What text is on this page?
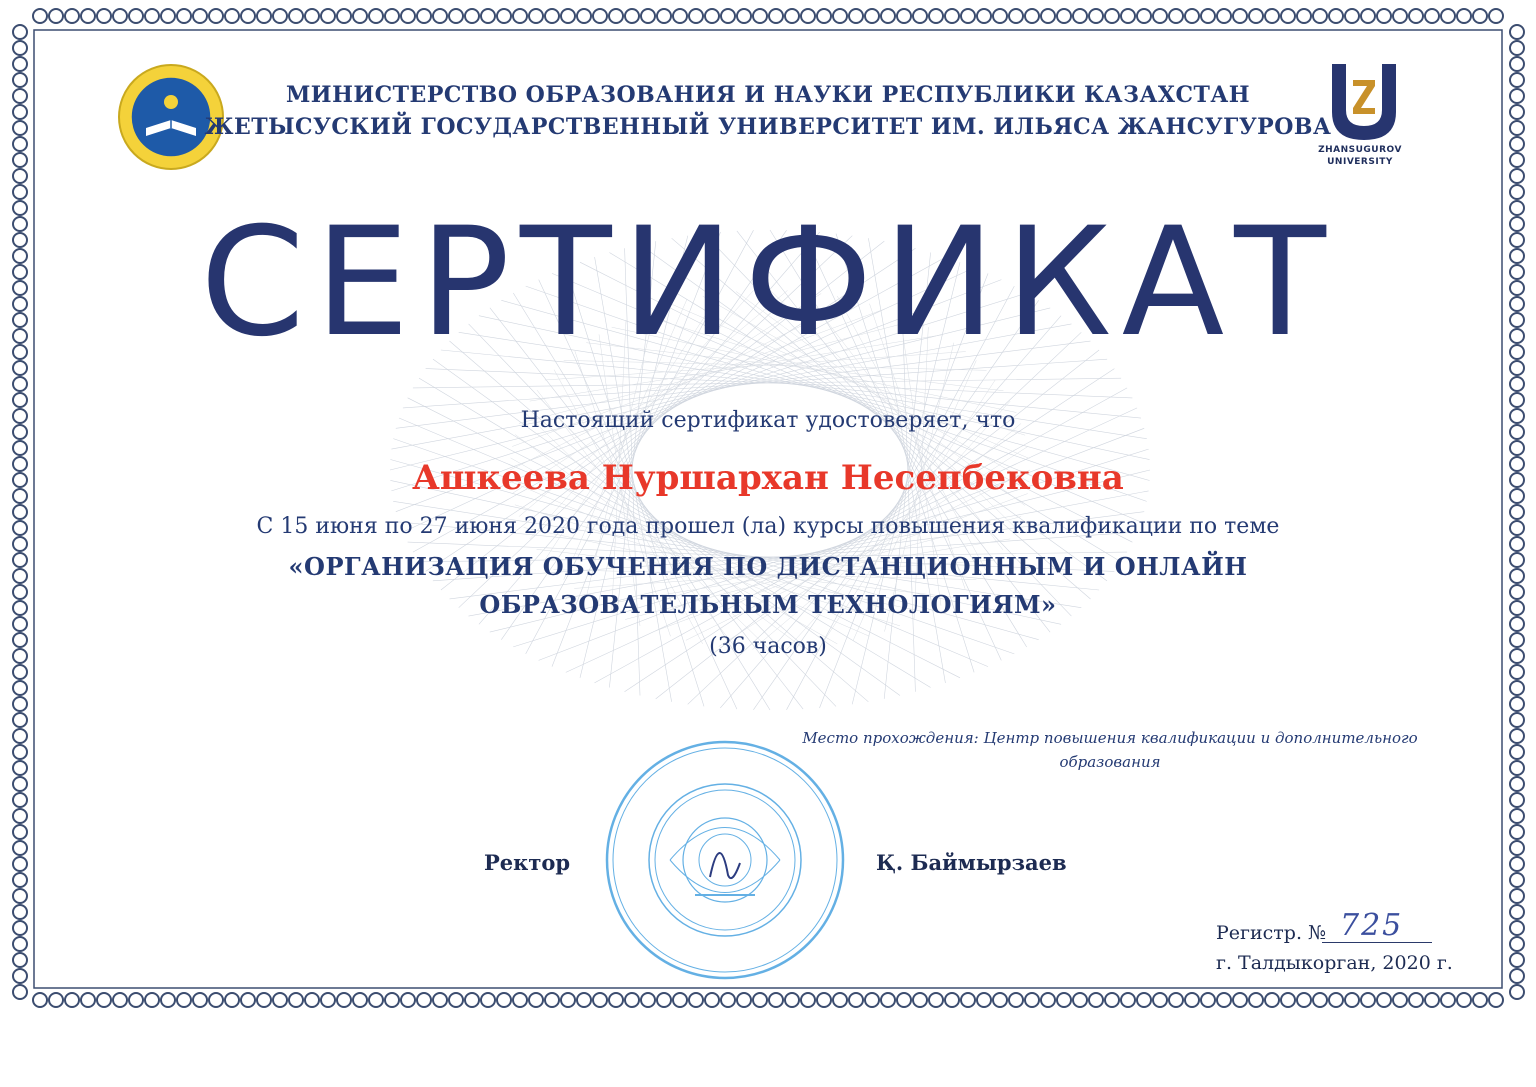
ZHANSUGUROV
UNIVERSITY
МИНИСТЕРСТВО ОБРАЗОВАНИЯ И НАУКИ РЕСПУБЛИКИ КАЗАХСТАН
ЖЕТЫСУСКИЙ ГОСУДАРСТВЕННЫЙ УНИВЕРСИТЕТ ИМ. ИЛЬЯСА ЖАНСУГУРОВА
СЕРТИФИКАТ
Настоящий сертификат удостоверяет, что
Ашкеева Нуршархан Несепбековна
С 15 июня по 27 июня 2020 года прошел (ла) курсы повышения квалификации по теме
«ОРГАНИЗАЦИЯ ОБУЧЕНИЯ ПО ДИСТАНЦИОННЫМ И ОНЛАЙН
ОБРАЗОВАТЕЛЬНЫМ ТЕХНОЛОГИЯМ»
(36 часов)
Место прохождения: Центр повышения квалификации и дополнительного
образования
Ректор	Қ. Баймырзаев
Регистр. № 725
г. Талдыкорган, 2020 г.
